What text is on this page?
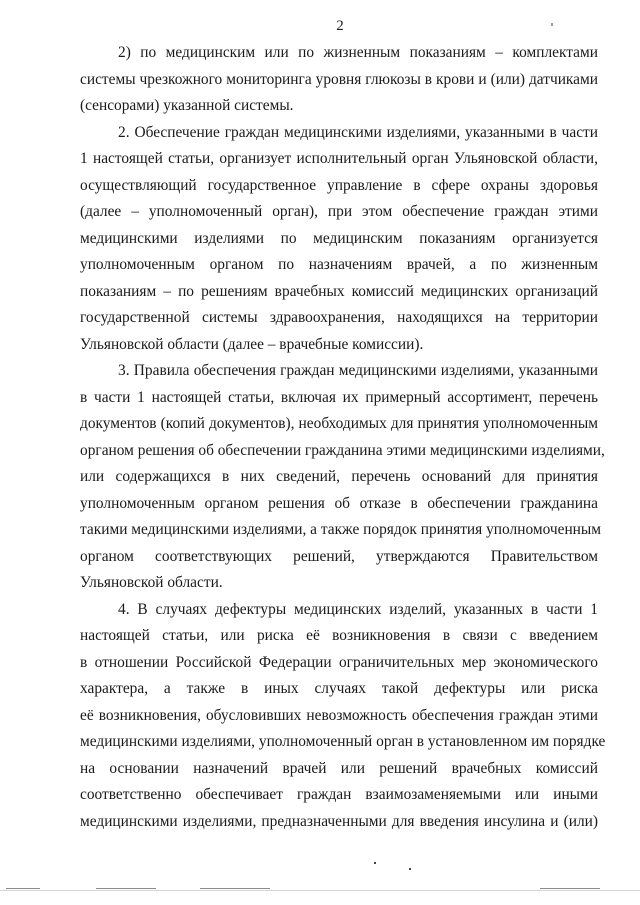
2
2) по медицинским или по жизненным показаниям – комплектами
системы чрезкожного мониторинга уровня глюкозы в крови и (или) датчиками
(сенсорами) указанной системы.
2. Обеспечение граждан медицинскими изделиями, указанными в части
1 настоящей статьи, организует исполнительный орган Ульяновской области,
осуществляющий государственное управление в сфере охраны здоровья
(далее – уполномоченный орган), при этом обеспечение граждан этими
медицинскими изделиями по медицинским показаниям организуется
уполномоченным органом по назначениям врачей, а по жизненным
показаниям – по решениям врачебных комиссий медицинских организаций
государственной системы здравоохранения, находящихся на территории
Ульяновской области (далее – врачебные комиссии).
3. Правила обеспечения граждан медицинскими изделиями, указанными
в части 1 настоящей статьи, включая их примерный ассортимент, перечень
документов (копий документов), необходимых для принятия уполномоченным
органом решения об обеспечении гражданина этими медицинскими изделиями,
или содержащихся в них сведений, перечень оснований для принятия
уполномоченным органом решения об отказе в обеспечении гражданина
такими медицинскими изделиями, а также порядок принятия уполномоченным
органом соответствующих решений, утверждаются Правительством
Ульяновской области.
4. В случаях дефектуры медицинских изделий, указанных в части 1
настоящей статьи, или риска её возникновения в связи с введением
в отношении Российской Федерации ограничительных мер экономического
характера, а также в иных случаях такой дефектуры или риска
её возникновения, обусловивших невозможность обеспечения граждан этими
медицинскими изделиями, уполномоченный орган в установленном им порядке
на основании назначений врачей или решений врачебных комиссий
соответственно обеспечивает граждан взаимозаменяемыми или иными
медицинскими изделиями, предназначенными для введения инсулина и (или)
